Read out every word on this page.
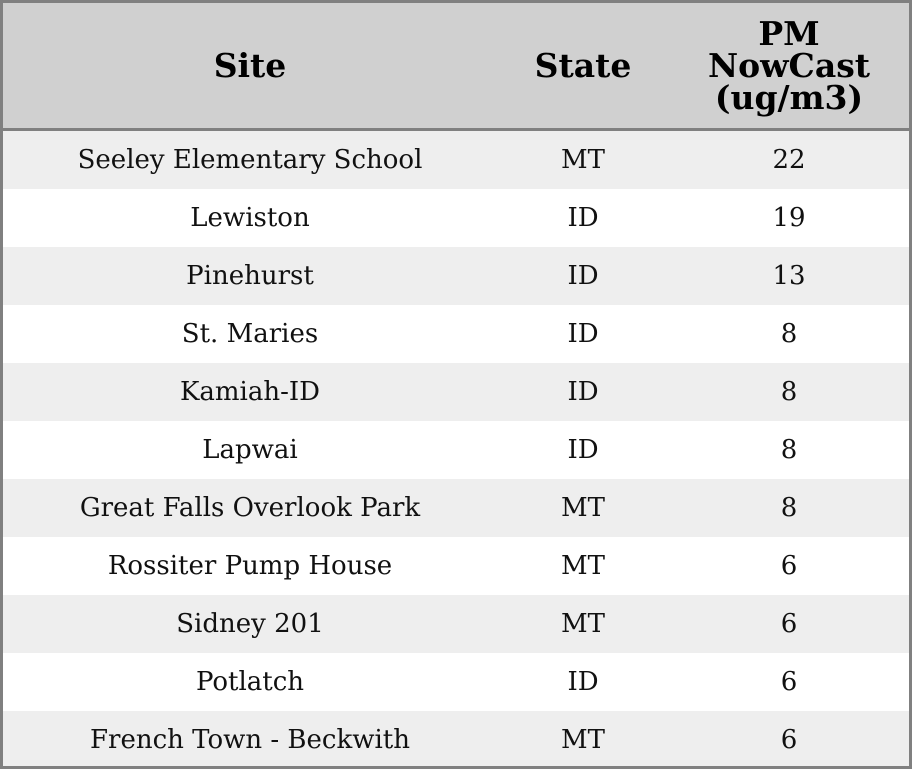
Site	State	PM
NowCast
(ug/m3)
Seeley Elementary School	MT	22
Lewiston	ID	19
Pinehurst	ID	13
St. Maries	ID	8
Kamiah-ID	ID	8
Lapwai	ID	8
Great Falls Overlook Park	MT	8
Rossiter Pump House	MT	6
Sidney 201	MT	6
Potlatch	ID	6
French Town - Beckwith	MT	6
